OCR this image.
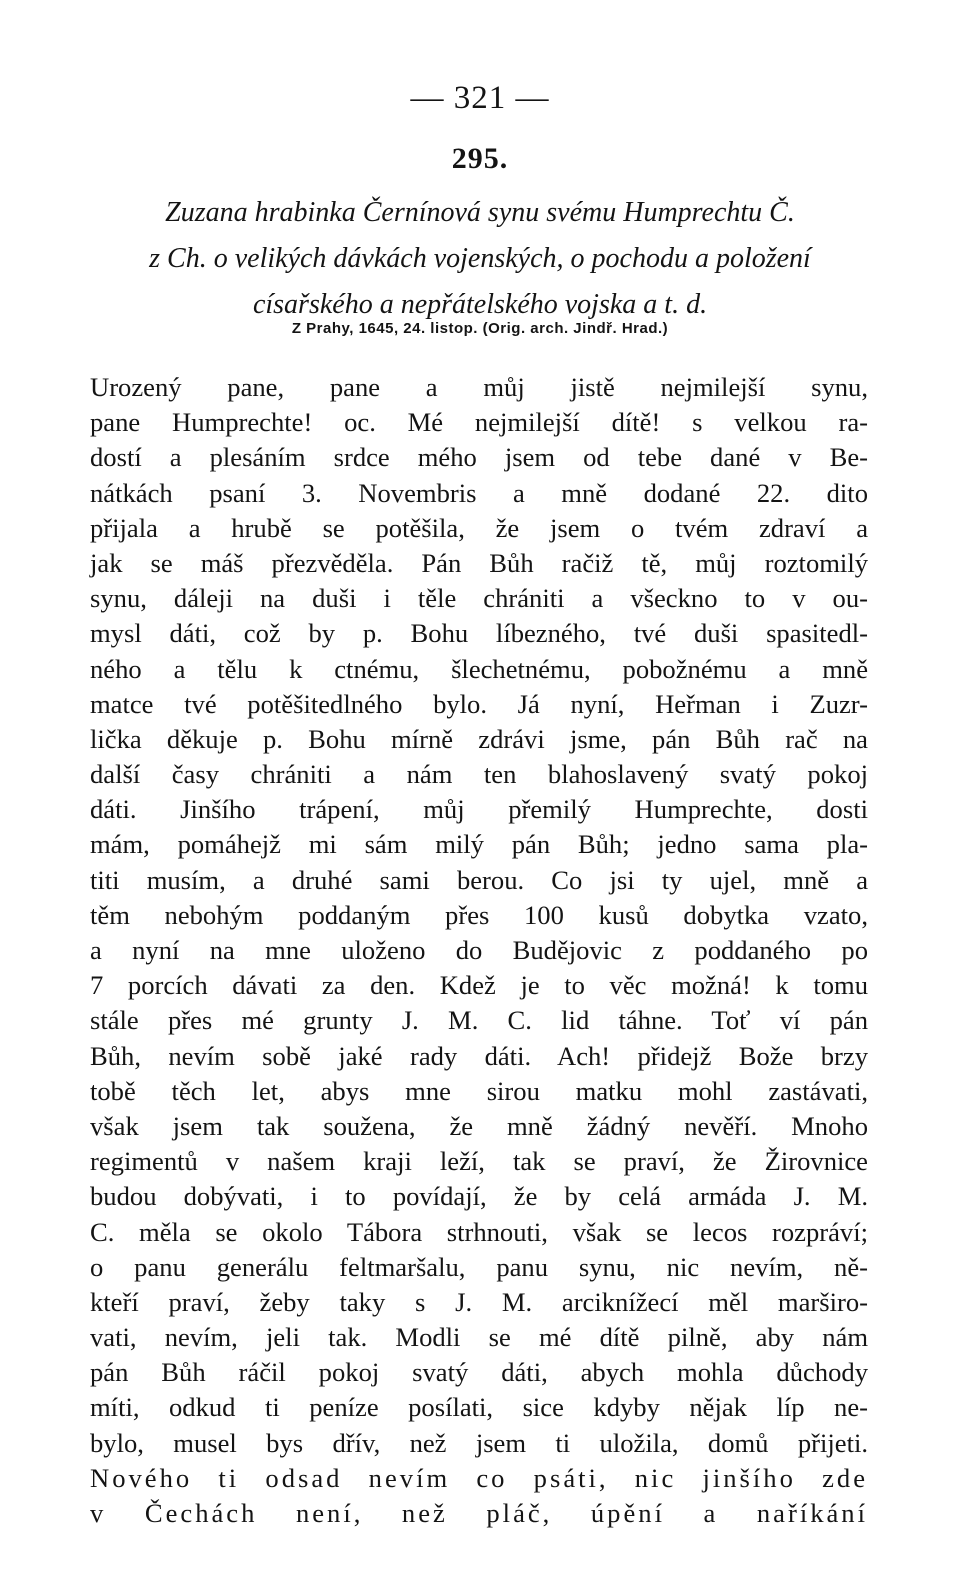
— 321 —
295.
Zuzana hrabinka Černínová synu svému Humprechtu Č.
z Ch. o velikých dávkách vojenských, o pochodu a položení
císařského a nepřátelského vojska a t. d.
Z Prahy, 1645, 24. listop. (Orig. arch. Jindř. Hrad.)
Urozený pane, pane a můj jistě nejmilejší synu,
pane Humprechte! oc. Mé nejmilejší dítě! s velkou ra-
dostí a plesáním srdce mého jsem od tebe dané v Be-
nátkách psaní 3. Novembris a mně dodané 22. dito
přijala a hrubě se potěšila, že jsem o tvém zdraví a
jak se máš přezvěděla. Pán Bůh račiž tě, můj roztomilý
synu, dáleji na duši i těle chrániti a všeckno to v ou-
mysl dáti, což by p. Bohu líbezného, tvé duši spasitedl-
ného a tělu k ctnému, šlechetnému, pobožnému a mně
matce tvé potěšitedlného bylo. Já nyní, Heřman i Zuzr-
lička děkuje p. Bohu mírně zdrávi jsme, pán Bůh rač na
další časy chrániti a nám ten blahoslavený svatý pokoj
dáti. Jinšího trápení, můj přemilý Humprechte, dosti
mám, pomáhejž mi sám milý pán Bůh; jedno sama pla-
titi musím, a druhé sami berou. Co jsi ty ujel, mně a
těm nebohým poddaným přes 100 kusů dobytka vzato,
a nyní na mne uloženo do Budějovic z poddaného po
7 porcích dávati za den. Kdež je to věc možná! k tomu
stále přes mé grunty J. M. C. lid táhne. Toť ví pán
Bůh, nevím sobě jaké rady dáti. Ach! přidejž Bože brzy
tobě těch let, abys mne sirou matku mohl zastávati,
však jsem tak soužena, že mně žádný nevěří. Mnoho
regimentů v našem kraji leží, tak se praví, že Žirovnice
budou dobývati, i to povídají, že by celá armáda J. M.
C. měla se okolo Tábora strhnouti, však se lecos rozpráví;
o panu generálu feltmaršalu, panu synu, nic nevím, ně-
kteří praví, žeby taky s J. M. arciknížecí měl marširo-
vati, nevím, jeli tak. Modli se mé dítě pilně, aby nám
pán Bůh ráčil pokoj svatý dáti, abych mohla důchody
míti, odkud ti peníze posílati, sice kdyby nějak líp ne-
bylo, musel bys dřív, než jsem ti uložila, domů přijeti.
Nového ti odsad nevím co psáti, nic jinšího zde
v Čechách není, než pláč, úpění a naříkání
